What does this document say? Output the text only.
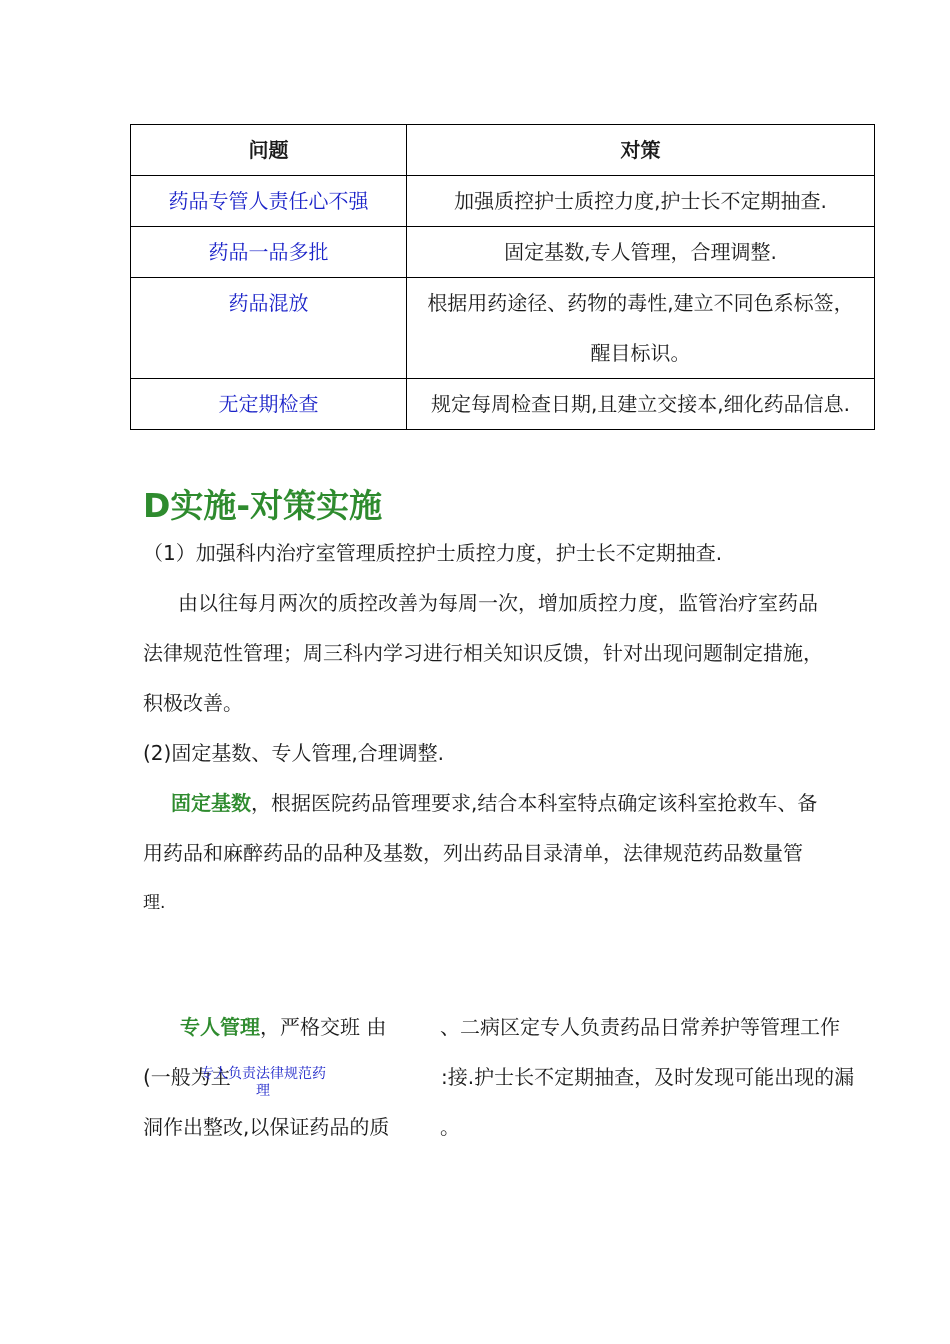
问题	对策
药品专管人责任心不强	加强质控护士质控力度,护士长不定期抽查.
药品一品多批	固定基数,专人管理，合理调整.
药品混放	根据用药途径、药物的毒性,建立不同色系标签，醒目标识。
无定期检查	规定每周检查日期,且建立交接本,细化药品信息.
D实施-对策实施
（1）加强科内治疗室管理质控护士质控力度，护士长不定期抽查.
由以往每月两次的质控改善为每周一次，增加质控力度，监管治疗室药品
法律规范性管理；周三科内学习进行相关知识反馈，针对出现问题制定措施，
积极改善。
(2)固定基数、专人管理,合理调整.
固定基数，根据医院药品管理要求,结合本科室特点确定该科室抢救车、备
用药品和麻醉药品的品种及基数，列出药品目录清单，法律规范药品数量管
理.
专人管理，严格交班 由	、二病区定专人负责药品日常养护等管理工作
(一般为主	:接.护士长不定期抽查，及时发现可能出现的漏
洞作出整改,以保证药品的质	。
专人负责法律规范药
理
